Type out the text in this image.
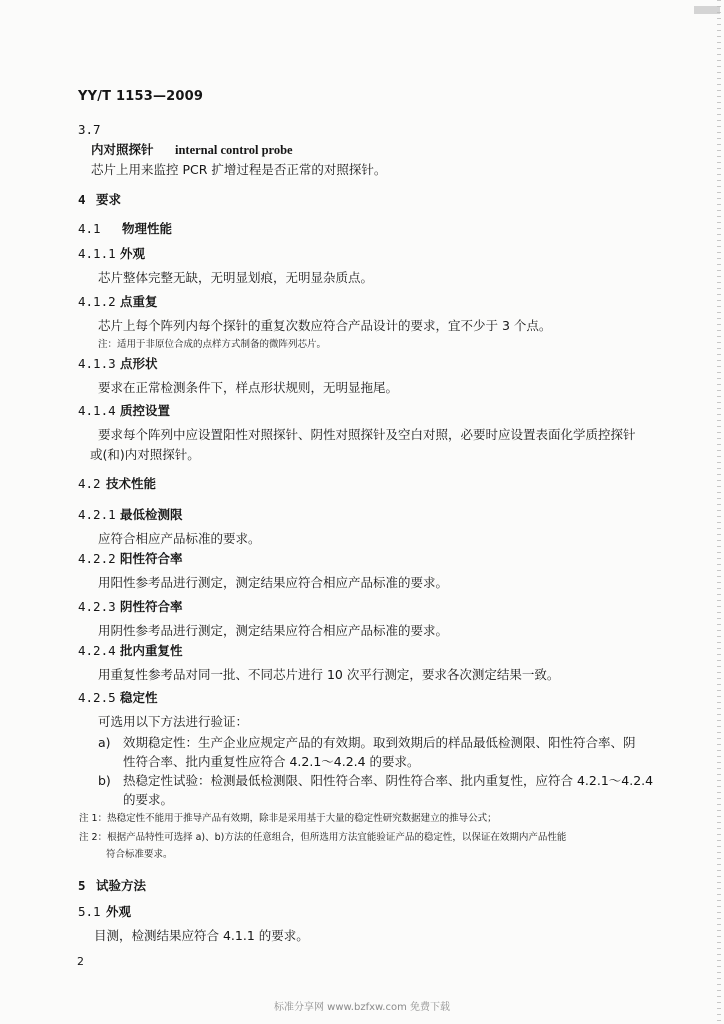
YY/T 1153—2009
3.7
内对照探针 internal control probe
芯片上用来监控 PCR 扩增过程是否正常的对照探针。
4 要求
4.1 物理性能
4.1.1 外观
芯片整体完整无缺，无明显划痕，无明显杂质点。
4.1.2 点重复
芯片上每个阵列内每个探针的重复次数应符合产品设计的要求，宜不少于 3 个点。
注：适用于非原位合成的点样方式制备的微阵列芯片。
4.1.3 点形状
要求在正常检测条件下，样点形状规则，无明显拖尾。
4.1.4 质控设置
要求每个阵列中应设置阳性对照探针、阴性对照探针及空白对照，必要时应设置表面化学质控探针
或(和)内对照探针。
4.2 技术性能
4.2.1 最低检测限
应符合相应产品标准的要求。
4.2.2 阳性符合率
用阳性参考品进行测定，测定结果应符合相应产品标准的要求。
4.2.3 阴性符合率
用阴性参考品进行测定，测定结果应符合相应产品标准的要求。
4.2.4 批内重复性
用重复性参考品对同一批、不同芯片进行 10 次平行测定，要求各次测定结果一致。
4.2.5 稳定性
可选用以下方法进行验证：
a) 效期稳定性：生产企业应规定产品的有效期。取到效期后的样品最低检测限、阳性符合率、阴
性符合率、批内重复性应符合 4.2.1～4.2.4 的要求。
b) 热稳定性试验：检测最低检测限、阳性符合率、阴性符合率、批内重复性，应符合 4.2.1～4.2.4
的要求。
注 1：热稳定性不能用于推导产品有效期，除非是采用基于大量的稳定性研究数据建立的推导公式；
注 2：根据产品特性可选择 a)、b)方法的任意组合，但所选用方法宜能验证产品的稳定性，以保证在效期内产品性能
符合标准要求。
5 试验方法
5.1 外观
目测，检测结果应符合 4.1.1 的要求。
2
标准分享网 www.bzfxw.com 免费下载
